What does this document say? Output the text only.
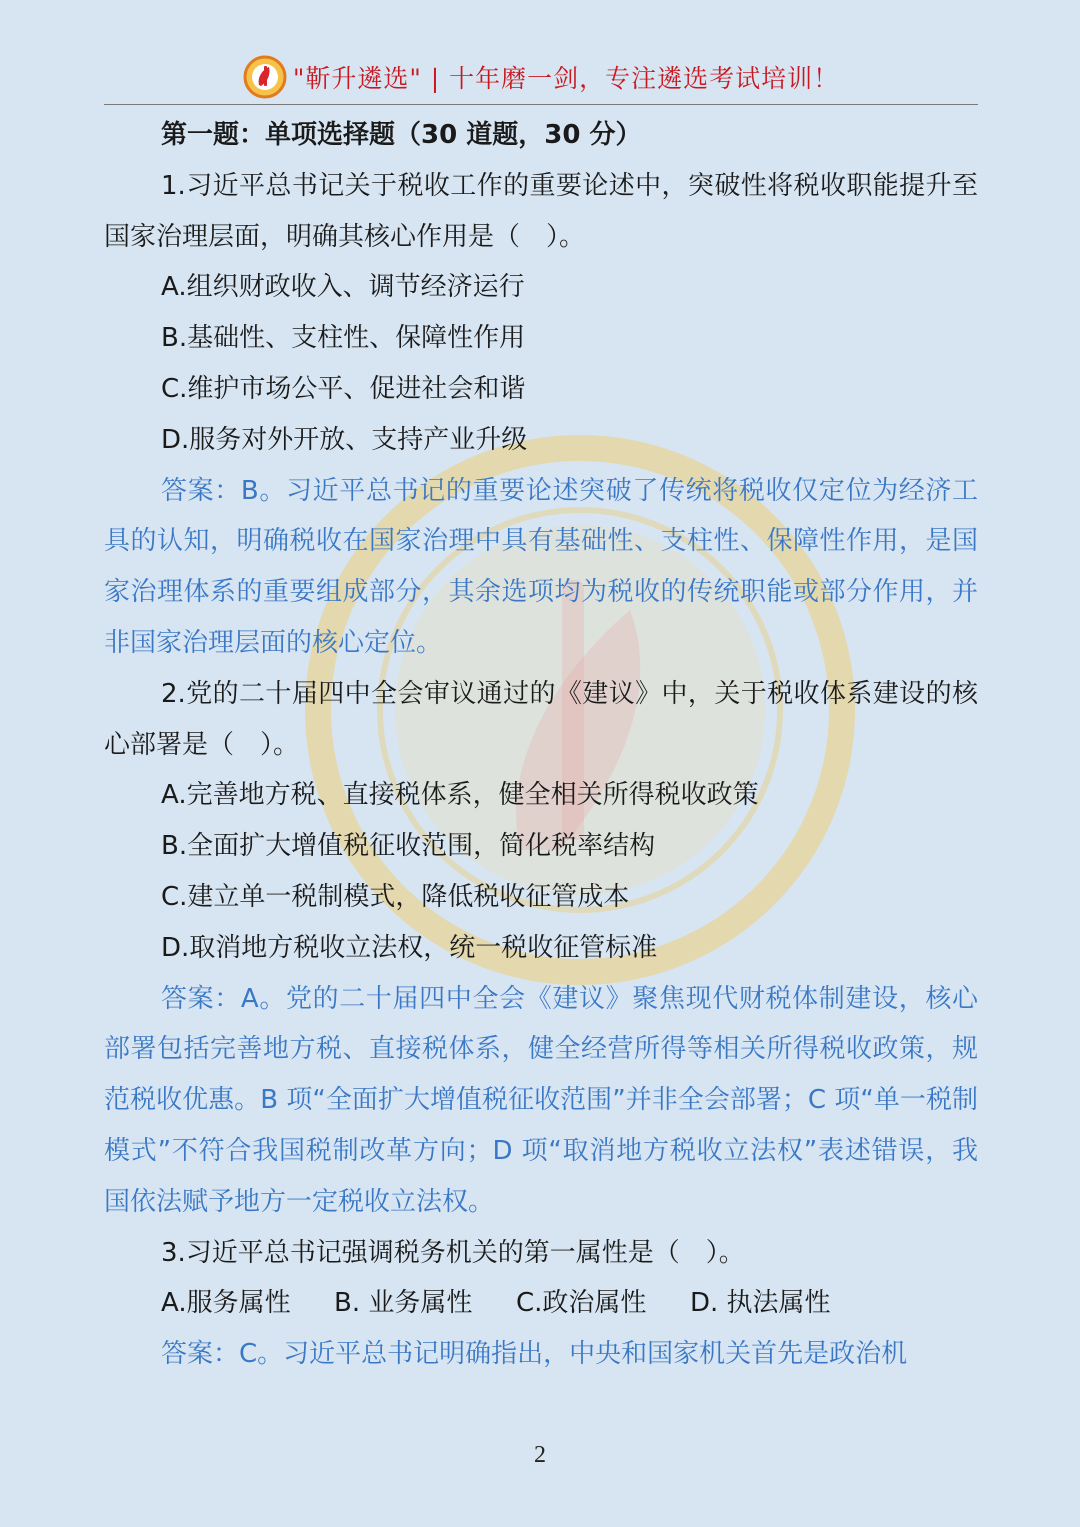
"靳升遴选" | 十年磨一剑，专注遴选考试培训！

第一题：单项选择题（30 道题，30 分）

1.习近平总书记关于税收工作的重要论述中，突破性将税收职能提升至国家治理层面，明确其核心作用是（　）。

A.组织财政收入、调节经济运行

B.基础性、支柱性、保障性作用

C.维护市场公平、促进社会和谐

D.服务对外开放、支持产业升级

答案：B。习近平总书记的重要论述突破了传统将税收仅定位为经济工具的认知，明确税收在国家治理中具有基础性、支柱性、保障性作用，是国家治理体系的重要组成部分，其余选项均为税收的传统职能或部分作用，并非国家治理层面的核心定位。

2.党的二十届四中全会审议通过的《建议》中，关于税收体系建设的核心部署是（　）。

A.完善地方税、直接税体系，健全相关所得税收政策

B.全面扩大增值税征收范围，简化税率结构

C.建立单一税制模式，降低税收征管成本

D.取消地方税收立法权，统一税收征管标准

答案：A。党的二十届四中全会《建议》聚焦现代财税体制建设，核心部署包括完善地方税、直接税体系，健全经营所得等相关所得税收政策，规范税收优惠。B 项“全面扩大增值税征收范围”并非全会部署；C 项“单一税制模式”不符合我国税制改革方向；D 项“取消地方税收立法权”表述错误，我国依法赋予地方一定税收立法权。

3.习近平总书记强调税务机关的第一属性是（　）。

A.服务属性 B. 业务属性 C.政治属性 D. 执法属性

答案：C。习近平总书记明确指出，中央和国家机关首先是政治机

2
